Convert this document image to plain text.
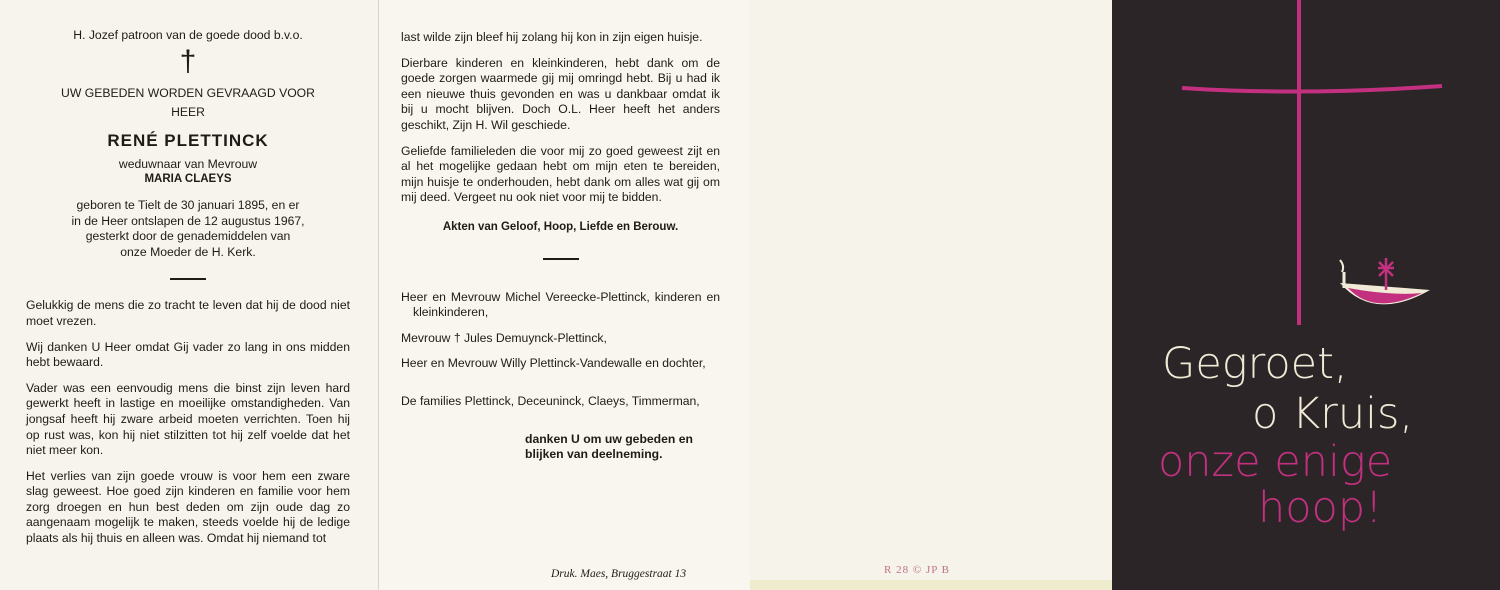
H. Jozef patroon van de goede dood b.v.o.

†

UW GEBEDEN WORDEN GEVRAAGD VOOR

HEER

RENÉ PLETTINCK

weduwnaar van Mevrouw

MARIA CLAEYS

geboren te Tielt de 30 januari 1895, en er

in de Heer ontslapen de 12 augustus 1967,

gesterkt door de genademiddelen van

onze Moeder de H. Kerk.

Gelukkig de mens die zo tracht te leven dat hij de dood niet moet vrezen.

Wij danken U Heer omdat Gij vader zo lang in ons midden hebt bewaard.

Vader was een eenvoudig mens die binst zijn leven hard gewerkt heeft in lastige en moeilijke omstandigheden. Van jongsaf heeft hij zware arbeid moeten verrichten. Toen hij op rust was, kon hij niet stilzitten tot hij zelf voelde dat het niet meer kon.

Het verlies van zijn goede vrouw is voor hem een zware slag geweest. Hoe goed zijn kinderen en familie voor hem zorg droegen en hun best deden om zijn oude dag zo aangenaam mogelijk te maken, steeds voelde hij de ledige plaats als hij thuis en alleen was. Omdat hij niemand tot

last wilde zijn bleef hij zolang hij kon in zijn eigen huisje.

Dierbare kinderen en kleinkinderen, hebt dank om de goede zorgen waarmede gij mij omringd hebt. Bij u had ik een nieuwe thuis gevonden en was u dankbaar omdat ik bij u mocht blijven. Doch O.L. Heer heeft het anders geschikt, Zijn H. Wil geschiede.

Geliefde familieleden die voor mij zo goed geweest zijt en al het mogelijke gedaan hebt om mijn eten te bereiden, mijn huisje te onderhouden, hebt dank om alles wat gij om mij deed. Vergeet nu ook niet voor mij te bidden.

Akten van Geloof, Hoop, Liefde en Berouw.

Heer en Mevrouw Michel Vereecke-Plettinck, kinderen en kleinkinderen,

Mevrouw † Jules Demuynck-Plettinck,

Heer en Mevrouw Willy Plettinck-Vandewalle en dochter,

De families Plettinck, Deceuninck, Claeys, Timmerman,

danken U om uw gebeden en

blijken van deelneming.

Druk. Maes, Bruggestraat 13	R 28 © JP B
Gegroet,
o Kruis,
onze enige
hoop!
